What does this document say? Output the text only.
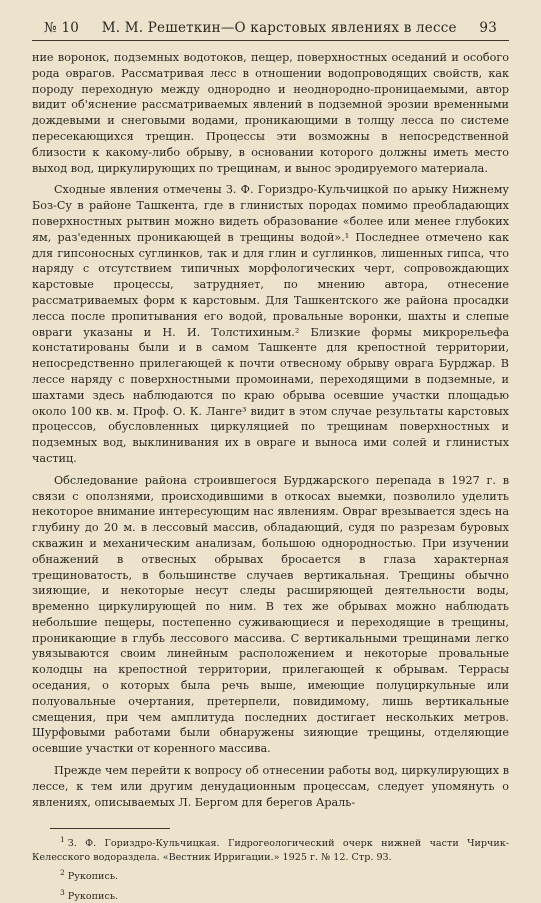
№ 10	М. М. Решеткин—О карстовых явлениях в лессе	93

ние воронок, подземных водотоков, пещер, поверхностных оседаний и особого рода оврагов. Рассматривая лесс в отношении водопроводящих свойств, как породу переходную между однородно и неоднородно-проницаемыми, автор видит об'яснение рассматриваемых явлений в подземной эрозии временными дождевыми и снеговыми водами, проникающими в толщу лесса по системе пересекающихся трещин. Процессы эти возможны в непосредственной близости к какому-либо обрыву, в основании которого должны иметь место выход вод, циркулирующих по трещинам, и вынос эродируемого материала.

Сходные явления отмечены З. Ф. Гориздро-Кульчицкой по арыку Нижнему Боз-Су в районе Ташкента, где в глинистых породах помимо преобладающих поверхностных рытвин можно видеть образование «более или менее глубоких ям, раз'еденных проникающей в трещины водой».¹ Последнее отмечено как для гипсоносных суглинков, так и для глин и суглинков, лишенных гипса, что наряду с отсутствием типичных морфологических черт, сопровождающих карстовые процессы, затрудняет, по мнению автора, отнесение рассматриваемых форм к карстовым. Для Ташкентского же района просадки лесса после пропитывания его водой, провальные воронки, шахты и слепые овраги указаны и Н. И. Толстихиным.² Близкие формы микрорельефа констатированы были и в самом Ташкенте для крепостной территории, непосредственно прилегающей к почти отвесному обрыву оврага Бурджар. В лессе наряду с поверхностными промоинами, переходящими в подземные, и шахтами здесь наблюдаются по краю обрыва осевшие участки площадью около 100 кв. м. Проф. О. К. Ланге³ видит в этом случае результаты карстовых процессов, обусловленных циркуляцией по трещинам поверхностных и подземных вод, выклинивания их в овраге и выноса ими солей и глинистых частиц.

Обследование района строившегося Бурджарского перепада в 1927 г. в связи с оползнями, происходившими в откосах выемки, позволило уделить некоторое внимание интересующим нас явлениям. Овраг врезывается здесь на глубину до 20 м. в лессовый массив, обладающий, судя по разрезам буровых скважин и механическим анализам, большою однородностью. При изучении обнажений в отвесных обрывах бросается в глаза характерная трещиноватость, в большинстве случаев вертикальная. Трещины обычно зияющие, и некоторые несут следы расширяющей деятельности воды, временно циркулирующей по ним. В тех же обрывах можно наблюдать небольшие пещеры, постепенно суживающиеся и переходящие в трещины, проникающие в глубь лессового массива. С вертикальными трещинами легко увязываются своим линейным расположением и некоторые провальные колодцы на крепостной территории, прилегающей к обрывам. Террасы оседания, о которых была речь выше, имеющие полуциркульные или полуовальные очертания, претерпели, повидимому, лишь вертикальные смещения, при чем амплитуда последних достигает нескольких метров. Шурфовыми работами были обнаружены зияющие трещины, отделяющие осевшие участки от коренного массива.

Прежде чем перейти к вопросу об отнесении работы вод, циркулирующих в лессе, к тем или другим денудационным процессам, следует упомянуть о явлениях, описываемых Л. Бергом для берегов Араль-

$^1$ З. Ф. Гориздро-Кульчицкая. Гидрогеологический очерк нижней части Чирчик-Келесского водораздела. «Вестник Ирригации.» 1925 г. № 12. Стр. 93.

$^2$ Рукопись.

$^3$ Рукопись.
